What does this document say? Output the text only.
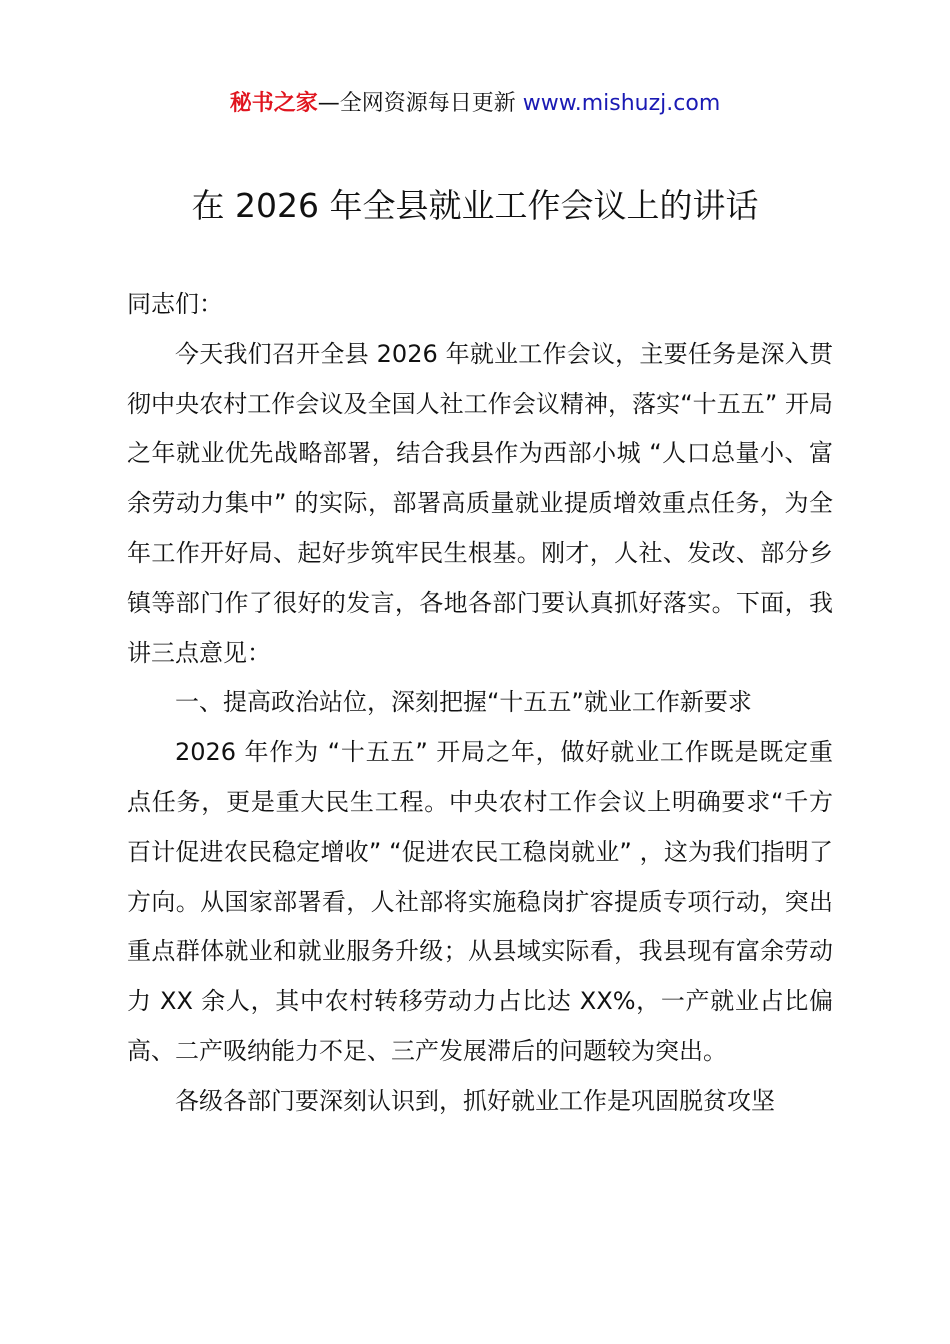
秘书之家—全网资源每日更新 www.mishuzj.com
在 2026 年全县就业工作会议上的讲话

同志们：

今天我们召开全县 2026 年就业工作会议，主要任务是深入贯彻中央农村工作会议及全国人社工作会议精神，落实“十五五” 开局之年就业优先战略部署，结合我县作为西部小城 “人口总量小、富余劳动力集中” 的实际，部署高质量就业提质增效重点任务，为全年工作开好局、起好步筑牢民生根基。刚才，人社、发改、部分乡镇等部门作了很好的发言，各地各部门要认真抓好落实。下面，我讲三点意见：

一、提高政治站位，深刻把握“十五五”就业工作新要求

2026 年作为 “十五五” 开局之年，做好就业工作既是既定重点任务，更是重大民生工程。中央农村工作会议上明确要求“千方百计促进农民稳定增收” “促进农民工稳岗就业” ，这为我们指明了方向。从国家部署看，人社部将实施稳岗扩容提质专项行动，突出重点群体就业和就业服务升级；从县域实际看，我县现有富余劳动力 XX 余人，其中农村转移劳动力占比达 XX%，一产就业占比偏高、二产吸纳能力不足、三产发展滞后的问题较为突出。

各级各部门要深刻认识到，抓好就业工作是巩固脱贫攻坚
